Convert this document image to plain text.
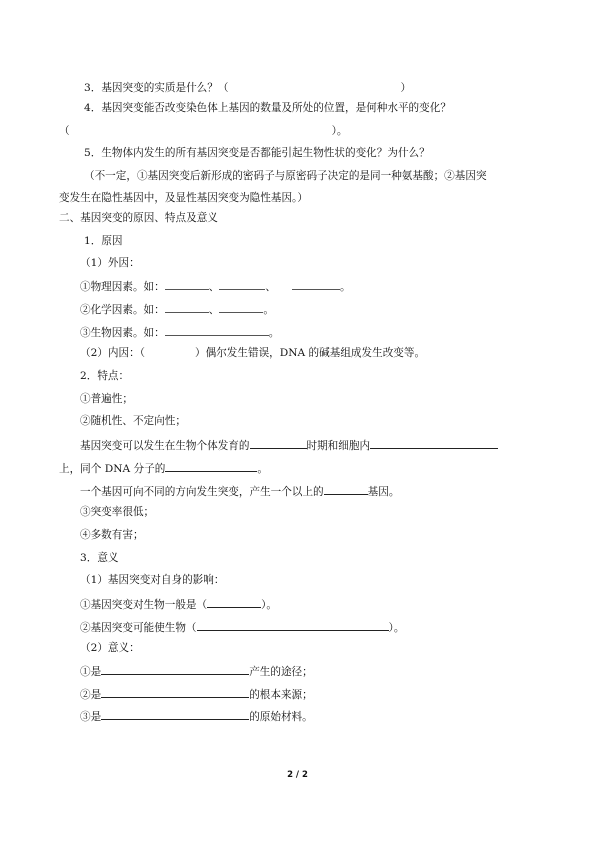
3．基因突变的实质是什么？（	）
4．基因突变能否改变染色体上基因的数量及所处的位置，是何种水平的变化？
（	）。
5．生物体内发生的所有基因突变是否都能引起生物性状的变化？为什么？
（不一定，①基因突变后新形成的密码子与原密码子决定的是同一种氨基酸；②基因突
变发生在隐性基因中，及显性基因突变为隐性基因。）
二、基因突变的原因、特点及意义
1．原因
（1）外因：
①物理因素。如：	、	、	。
②化学因素。如：	、	。
③生物因素。如：	。
（2）内因：（	）偶尔发生错误，DNA 的碱基组成发生改变等。
2．特点：
①普遍性；
②随机性、不定向性；
基因突变可以发生在生物个体发育的	时期和细胞内
上，同个 DNA 分子的	。
一个基因可向不同的方向发生突变，产生一个以上的	基因。
③突变率很低；
④多数有害；
3．意义
（1）基因突变对自身的影响：
①基因突变对生物一般是（	）。
②基因突变可能使生物（	）。
（2）意义：
①是	产生的途径；
②是	的根本来源；
③是	的原始材料。
2 / 2
